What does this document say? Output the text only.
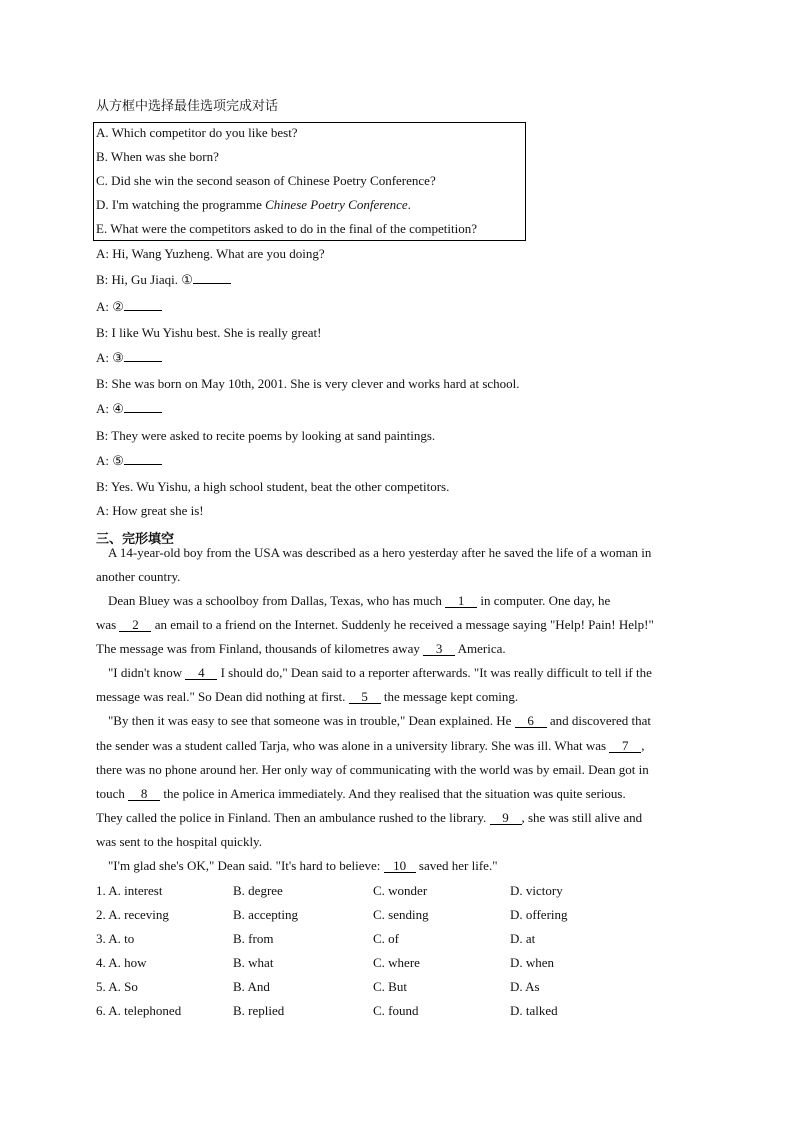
从方框中选择最佳选项完成对话
A. Which competitor do you like best?
B. When was she born?
C. Did she win the second season of Chinese Poetry Conference?
D. I'm watching the programme Chinese Poetry Conference.
E. What were the competitors asked to do in the final of the competition?
A: Hi, Wang Yuzheng. What are you doing?
B: Hi, Gu Jiaqi. ①
A: ②
B: I like Wu Yishu best. She is really great!
A: ③
B: She was born on May 10th, 2001. She is very clever and works hard at school.
A: ④
B: They were asked to recite poems by looking at sand paintings.
A: ⑤
B: Yes. Wu Yishu, a high school student, beat the other competitors.
A: How great she is!
三、完形填空
A 14-year-old boy from the USA was described as a hero yesterday after he saved the life of a woman in
another country.
Dean Bluey was a schoolboy from Dallas, Texas, who has much 1 in computer. One day, he
was 2 an email to a friend on the Internet. Suddenly he received a message saying "Help! Pain! Help!"
The message was from Finland, thousands of kilometres away 3 America.
"I didn't know 4 I should do," Dean said to a reporter afterwards. "It was really difficult to tell if the
message was real." So Dean did nothing at first. 5 the message kept coming.
"By then it was easy to see that someone was in trouble," Dean explained. He 6 and discovered that
the sender was a student called Tarja, who was alone in a university library. She was ill. What was 7 ,
there was no phone around her. Her only way of communicating with the world was by email. Dean got in
touch 8 the police in America immediately. And they realised that the situation was quite serious.
They called the police in Finland. Then an ambulance rushed to the library. 9 , she was still alive and
was sent to the hospital quickly.
"I'm glad she's OK," Dean said. "It's hard to believe: 10 saved her life."
1. A. interest	B. degree	C. wonder	D. victory
2. A. receving	B. accepting	C. sending	D. offering
3. A. to	B. from	C. of	D. at
4. A. how	B. what	C. where	D. when
5. A. So	B. And	C. But	D. As
6. A. telephoned	B. replied	C. found	D. talked
